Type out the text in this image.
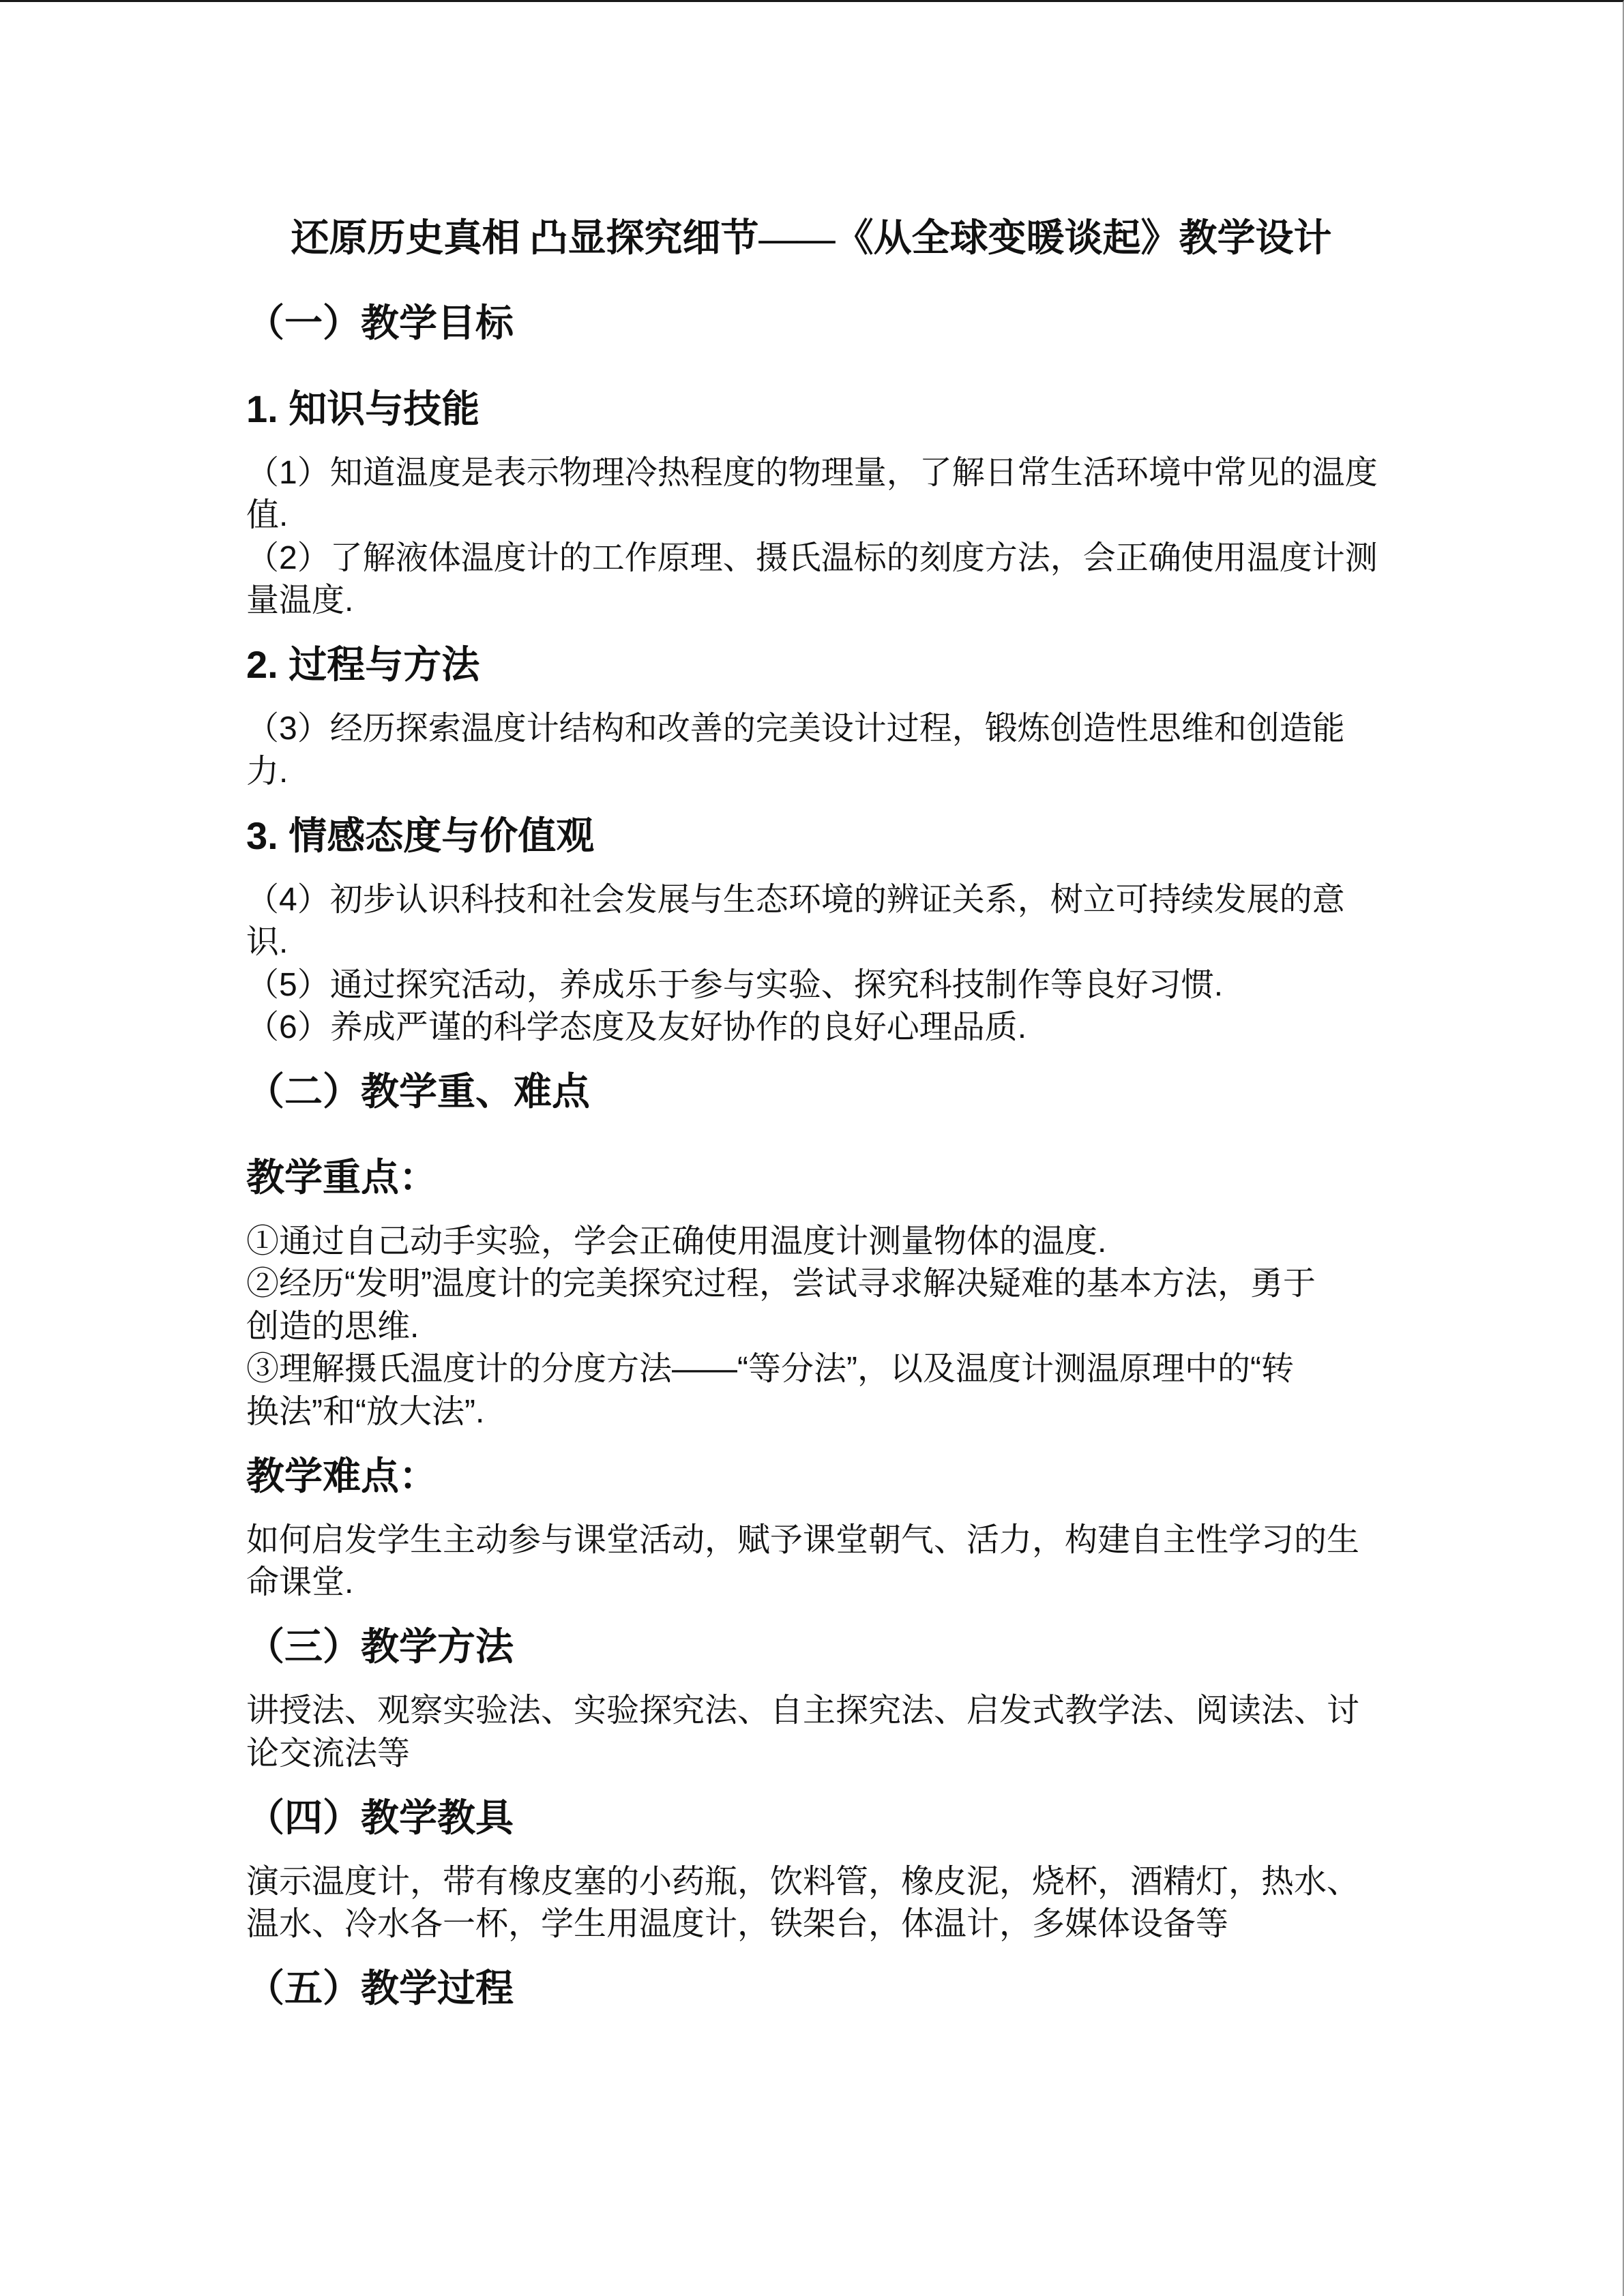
还原历史真相 凸显探究细节——《从全球变暖谈起》教学设计
（一）教学目标
1. 知识与技能
（1）知道温度是表示物理冷热程度的物理量，了解日常生活环境中常见的温度
值.
（2）了解液体温度计的工作原理、摄氏温标的刻度方法，会正确使用温度计测
量温度.
2. 过程与方法
（3）经历探索温度计结构和改善的完美设计过程，锻炼创造性思维和创造能
力.
3. 情感态度与价值观
（4）初步认识科技和社会发展与生态环境的辨证关系，树立可持续发展的意
识.
（5）通过探究活动，养成乐于参与实验、探究科技制作等良好习惯.
（6）养成严谨的科学态度及友好协作的良好心理品质.
（二）教学重、难点
教学重点：
①通过自己动手实验，学会正确使用温度计测量物体的温度.
②经历“发明”温度计的完美探究过程，尝试寻求解决疑难的基本方法，勇于
创造的思维.
③理解摄氏温度计的分度方法——“等分法”，以及温度计测温原理中的“转
换法”和“放大法”.
教学难点：
如何启发学生主动参与课堂活动，赋予课堂朝气、活力，构建自主性学习的生
命课堂.
（三）教学方法
讲授法、观察实验法、实验探究法、自主探究法、启发式教学法、阅读法、讨
论交流法等
（四）教学教具
演示温度计，带有橡皮塞的小药瓶，饮料管，橡皮泥，烧杯，酒精灯，热水、
温水、冷水各一杯，学生用温度计，铁架台，体温计，多媒体设备等
（五）教学过程
